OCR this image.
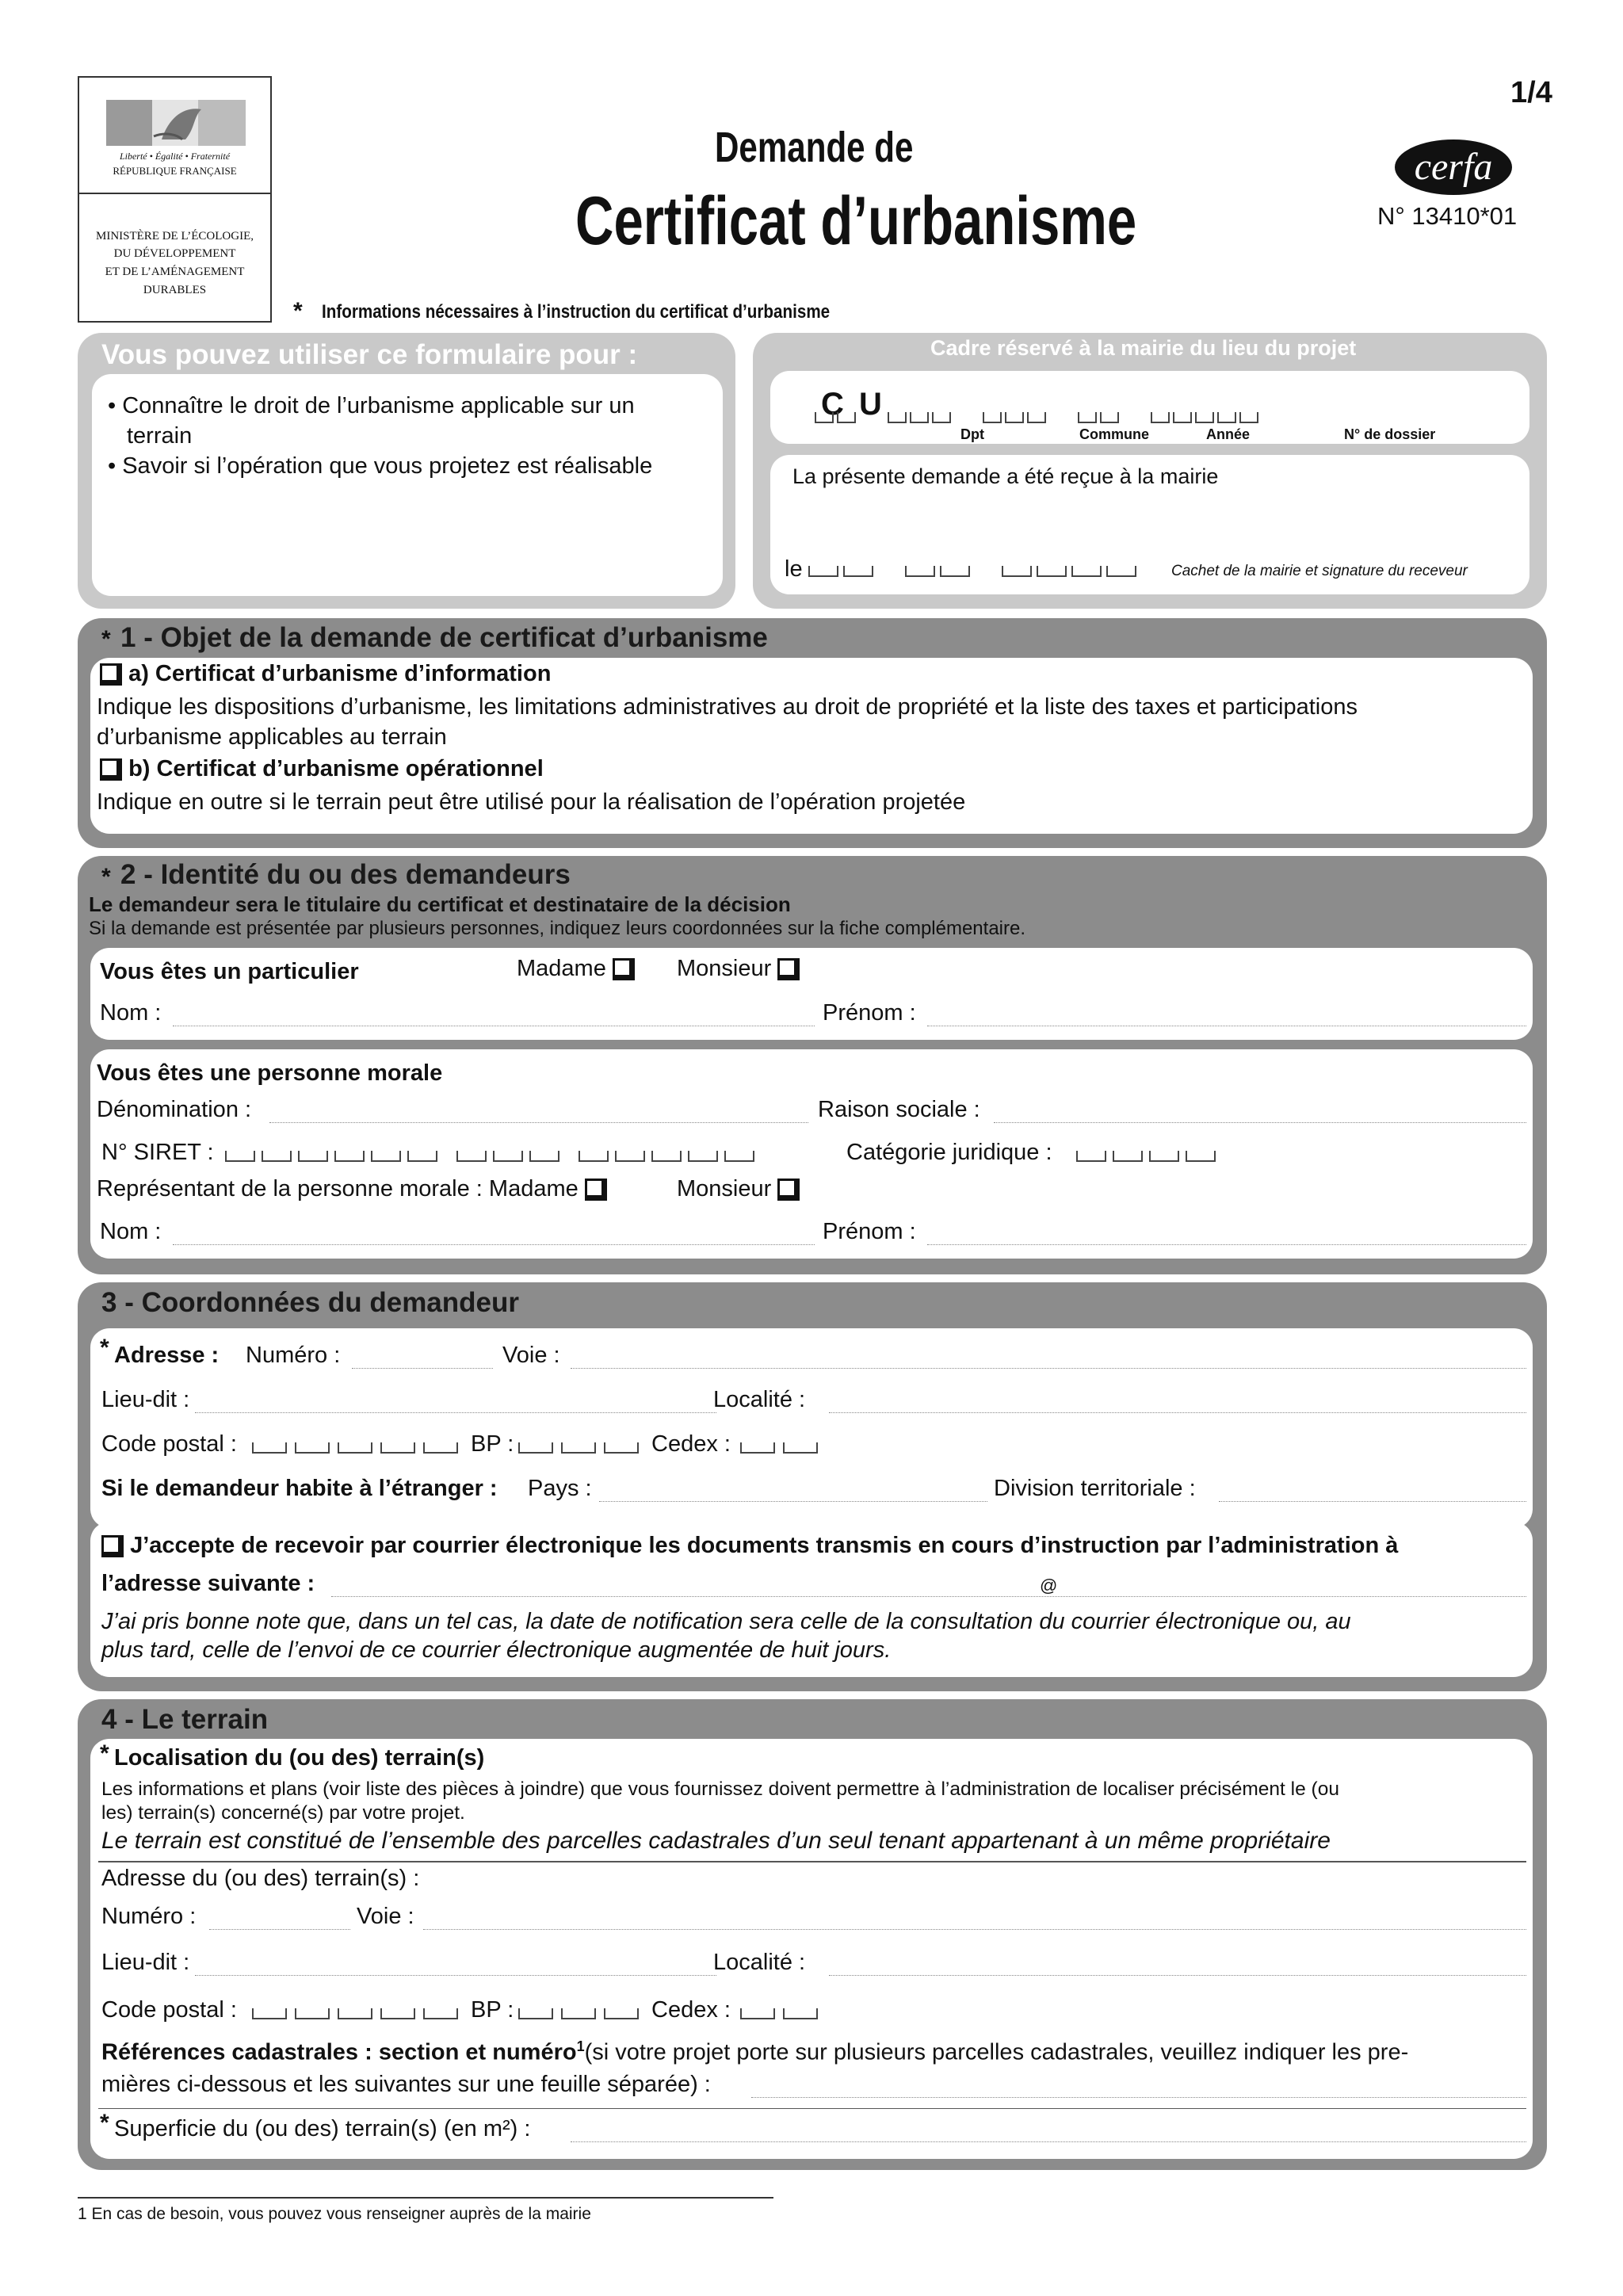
Liberté • Égalité • Fraternité
RÉPUBLIQUE FRANÇAISE
MINISTÈRE DE L’ÉCOLOGIE,
DU DÉVELOPPEMENT
ET DE L’AMÉNAGEMENT
DURABLES
1/4
Demande de
Certificat d’urbanisme
cerfa
N° 13410*01
* Informations nécessaires à l’instruction du certificat d’urbanisme
Vous pouvez utiliser ce formulaire pour :
• Connaître le droit de l’urbanisme applicable sur un
terrain
• Savoir si l’opération que vous projetez est réalisable
Cadre réservé à la mairie du lieu du projet
C U
Dpt	Commune	Année	N° de dossier
La présente demande a été reçue à la mairie
le	Cachet de la mairie et signature du receveur
* 1 - Objet de la demande de certificat d’urbanisme
a) Certificat d’urbanisme d’information
Indique les dispositions d’urbanisme, les limitations administratives au droit de propriété et la liste des taxes et participations
d’urbanisme applicables au terrain
b) Certificat d’urbanisme opérationnel
Indique en outre si le terrain peut être utilisé pour la réalisation de l’opération projetée
* 2 - Identité du ou des demandeurs
Le demandeur sera le titulaire du certificat et destinataire de la décision
Si la demande est présentée par plusieurs personnes, indiquez leurs coordonnées sur la fiche complémentaire.
Vous êtes un particulier	Madame	Monsieur
Nom :	Prénom :
Vous êtes une personne morale
Dénomination :	Raison sociale :
N° SIRET :	Catégorie juridique :
Représentant de la personne morale : Madame	Monsieur
Nom :	Prénom :
3 - Coordonnées du demandeur
* Adresse : Numéro :	Voie :
Lieu-dit :	Localité :
Code postal :	BP :	Cedex :
Si le demandeur habite à l’étranger : Pays :	Division territoriale :
J’accepte de recevoir par courrier électronique les documents transmis en cours d’instruction par l’administration à
l’adresse suivante :	@
J’ai pris bonne note que, dans un tel cas, la date de notification sera celle de la consultation du courrier électronique ou, au
plus tard, celle de l’envoi de ce courrier électronique augmentée de huit jours.
4 - Le terrain
* Localisation du (ou des) terrain(s)
Les informations et plans (voir liste des pièces à joindre) que vous fournissez doivent permettre à l’administration de localiser précisément le (ou
les) terrain(s) concerné(s) par votre projet.
Le terrain est constitué de l’ensemble des parcelles cadastrales d’un seul tenant appartenant à un même propriétaire
Adresse du (ou des) terrain(s) :
Numéro :	Voie :
Lieu-dit :	Localité :
Code postal :	BP :	Cedex :
Références cadastrales : section et numéro$^1$(si votre projet porte sur plusieurs parcelles cadastrales, veuillez indiquer les pre-
mières ci-dessous et les suivantes sur une feuille séparée) :
* Superficie du (ou des) terrain(s) (en m²) :
1 En cas de besoin, vous pouvez vous renseigner auprès de la mairie
